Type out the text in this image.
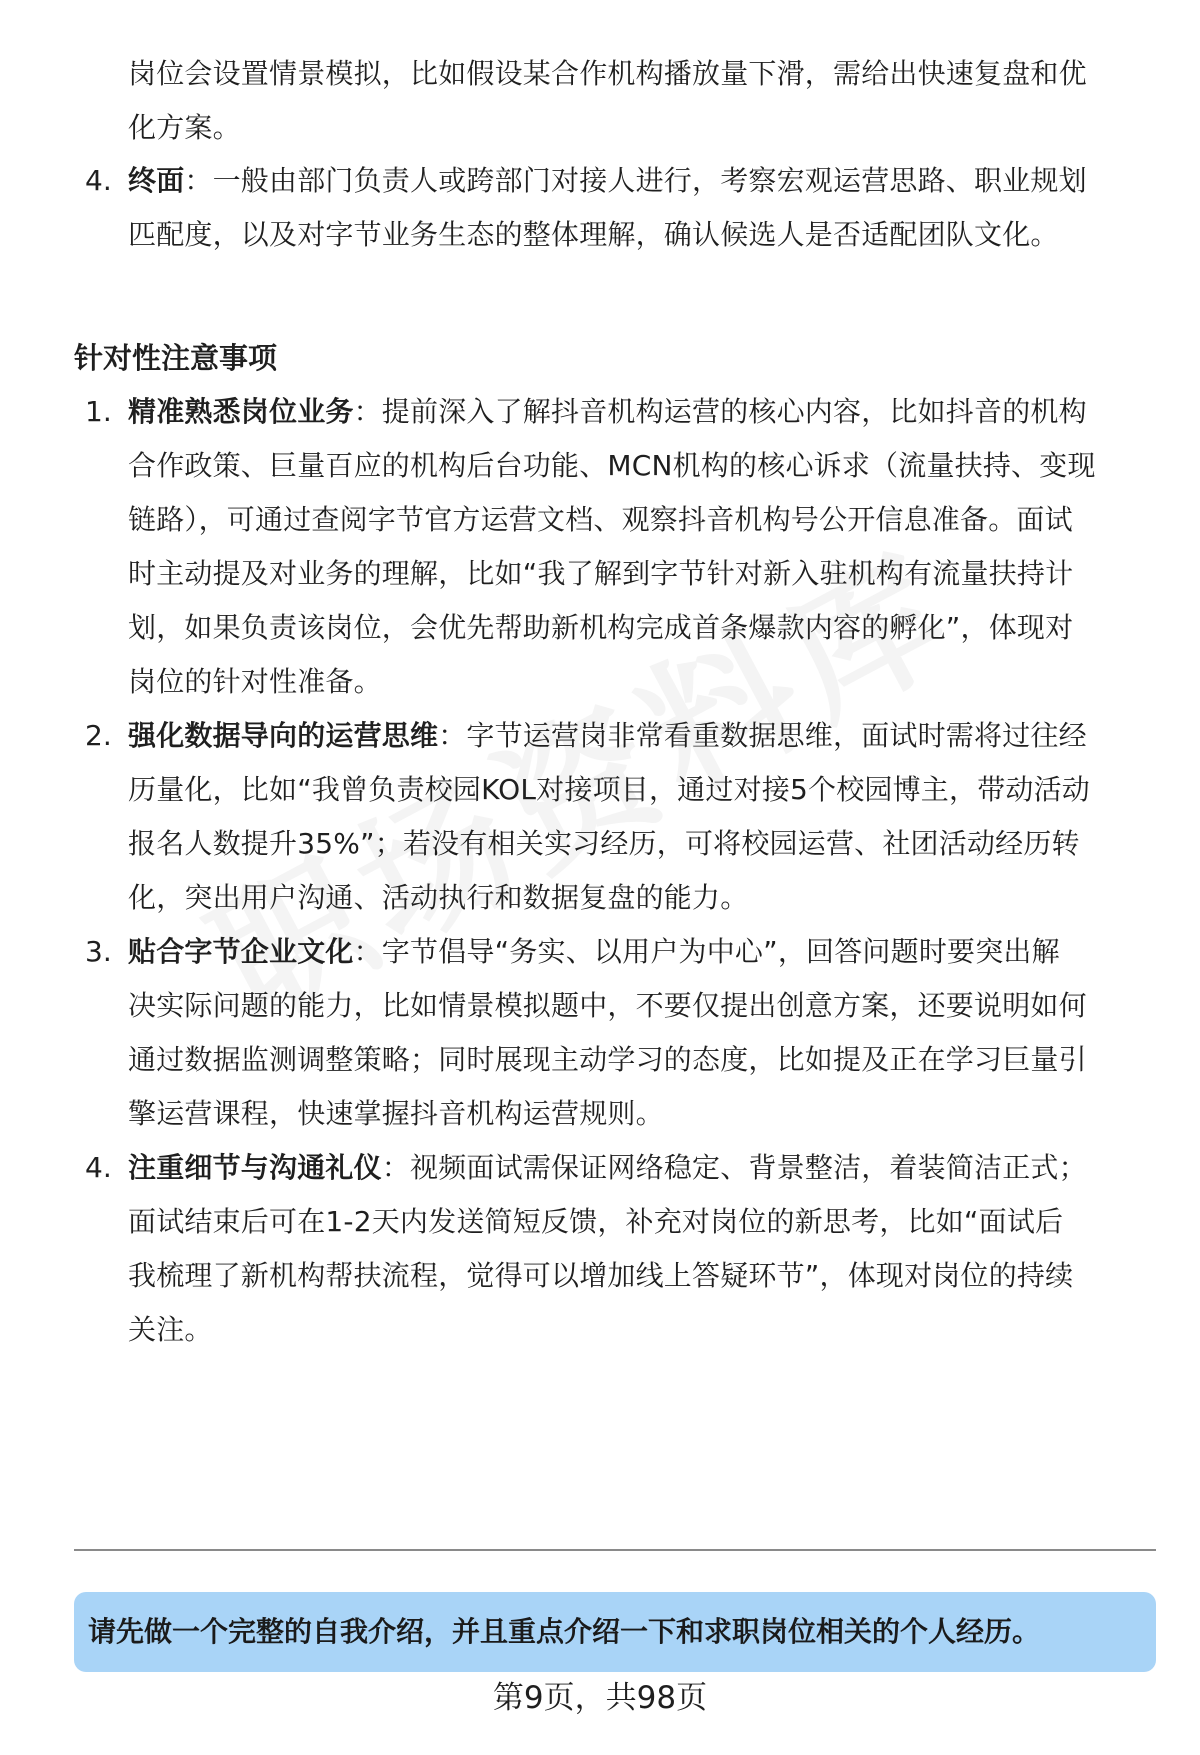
岗位会设置情景模拟，比如假设某合作机构播放量下滑，需给出快速复盘和优
化方案。
4. 终面：一般由部门负责人或跨部门对接人进行，考察宏观运营思路、职业规划
匹配度，以及对字节业务生态的整体理解，确认候选人是否适配团队文化。
针对性注意事项
1. 精准熟悉岗位业务：提前深入了解抖音机构运营的核心内容，比如抖音的机构
合作政策、巨量百应的机构后台功能、MCN机构的核心诉求（流量扶持、变现
链路），可通过查阅字节官方运营文档、观察抖音机构号公开信息准备。面试
时主动提及对业务的理解，比如“我了解到字节针对新入驻机构有流量扶持计
划，如果负责该岗位，会优先帮助新机构完成首条爆款内容的孵化”，体现对
岗位的针对性准备。
2. 强化数据导向的运营思维：字节运营岗非常看重数据思维，面试时需将过往经
历量化，比如“我曾负责校园KOL对接项目，通过对接5个校园博主，带动活动
报名人数提升35%”；若没有相关实习经历，可将校园运营、社团活动经历转
化，突出用户沟通、活动执行和数据复盘的能力。
3. 贴合字节企业文化：字节倡导“务实、以用户为中心”，回答问题时要突出解
决实际问题的能力，比如情景模拟题中，不要仅提出创意方案，还要说明如何
通过数据监测调整策略；同时展现主动学习的态度，比如提及正在学习巨量引
擎运营课程，快速掌握抖音机构运营规则。
4. 注重细节与沟通礼仪：视频面试需保证网络稳定、背景整洁，着装简洁正式；
面试结束后可在1-2天内发送简短反馈，补充对岗位的新思考，比如“面试后
我梳理了新机构帮扶流程，觉得可以增加线上答疑环节”，体现对岗位的持续
关注。
请先做一个完整的自我介绍，并且重点介绍一下和求职岗位相关的个人经历。
第9页，共98页
